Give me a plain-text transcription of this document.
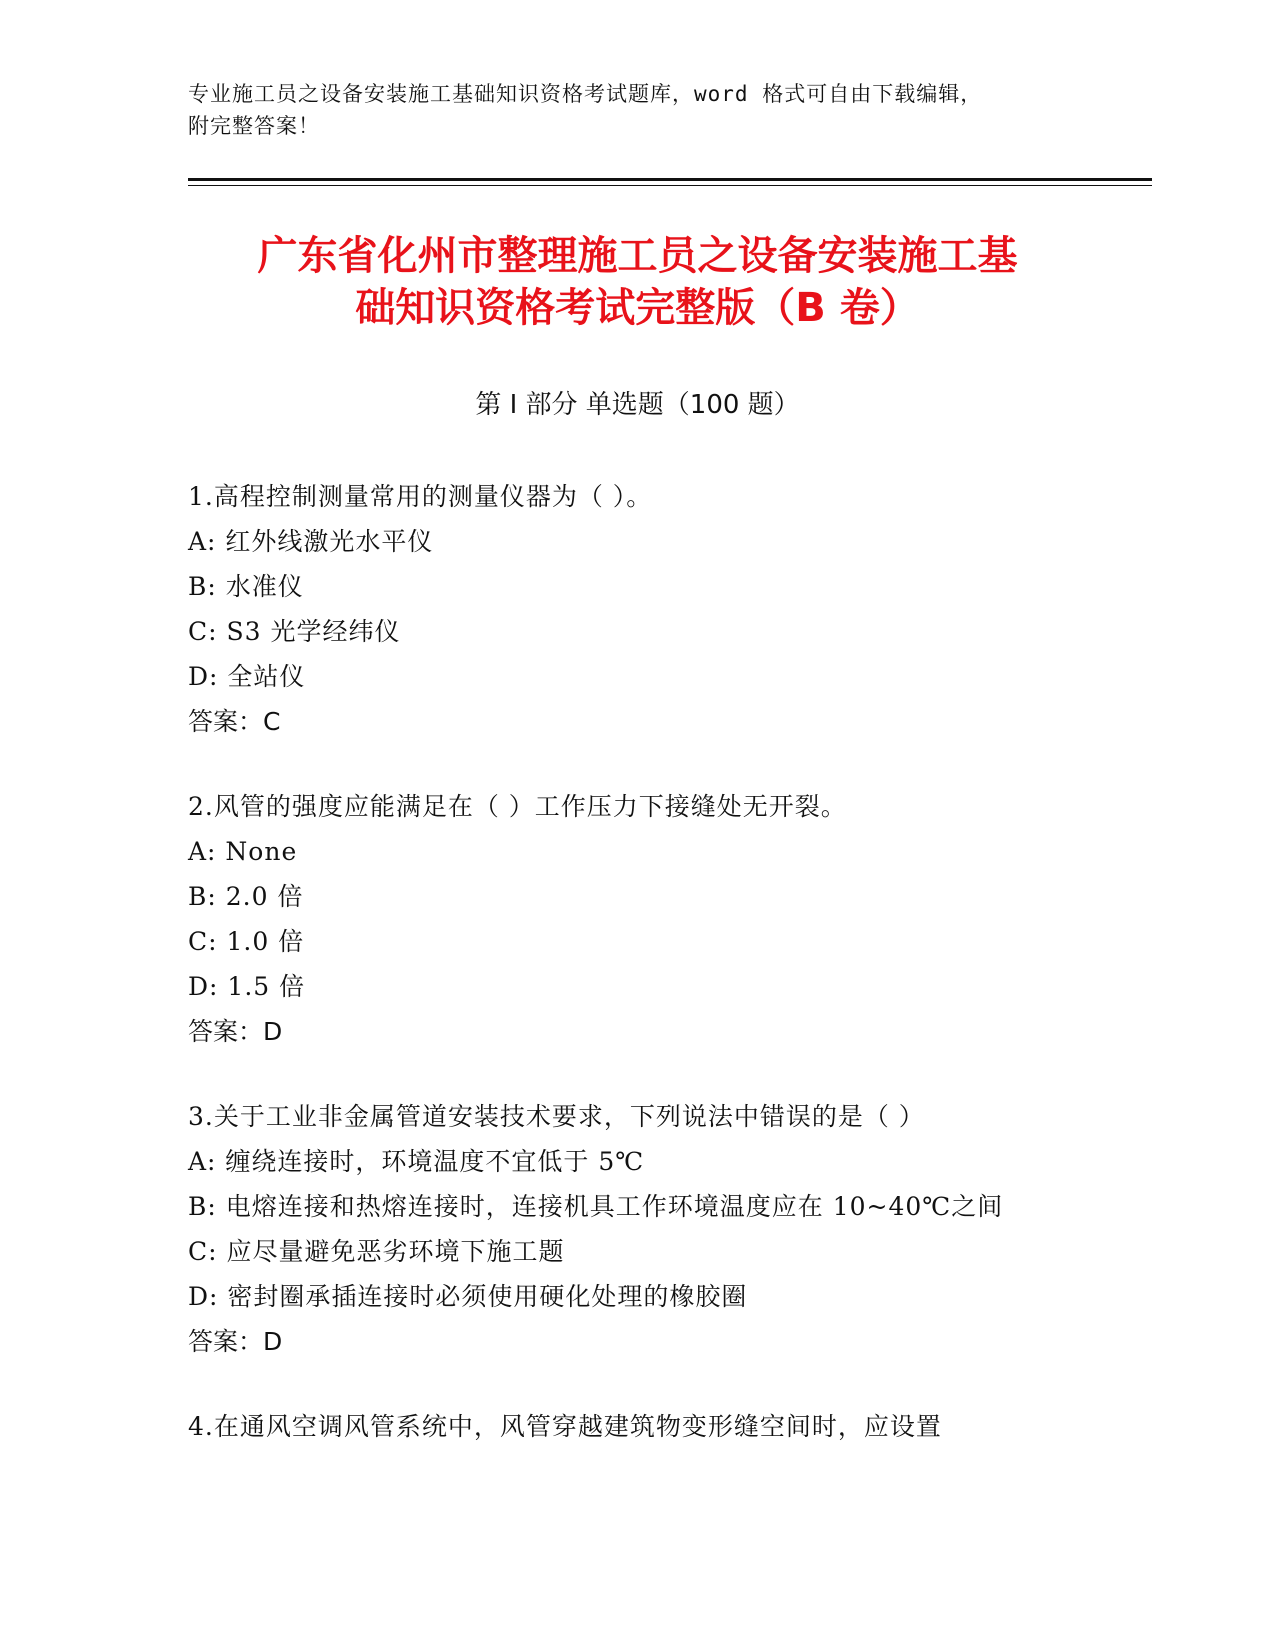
专业施工员之设备安装施工基础知识资格考试题库，word 格式可自由下载编辑，
附完整答案！
广东省化州市整理施工员之设备安装施工基
础知识资格考试完整版（B 卷）
第 I 部分 单选题（100 题）
1.高程控制测量常用的测量仪器为（ ）。
A: 红外线激光水平仪
B: 水准仪
C: S3 光学经纬仪
D: 全站仪
答案：C
2.风管的强度应能满足在（ ）工作压力下接缝处无开裂。
A: None
B: 2.0 倍
C: 1.0 倍
D: 1.5 倍
答案：D
3.关于工业非金属管道安装技术要求，下列说法中错误的是（ ）
A: 缠绕连接时，环境温度不宜低于 5℃
B: 电熔连接和热熔连接时，连接机具工作环境温度应在 10~40℃之间
C: 应尽量避免恶劣环境下施工题
D: 密封圈承插连接时必须使用硬化处理的橡胶圈
答案：D
4.在通风空调风管系统中，风管穿越建筑物变形缝空间时，应设置
